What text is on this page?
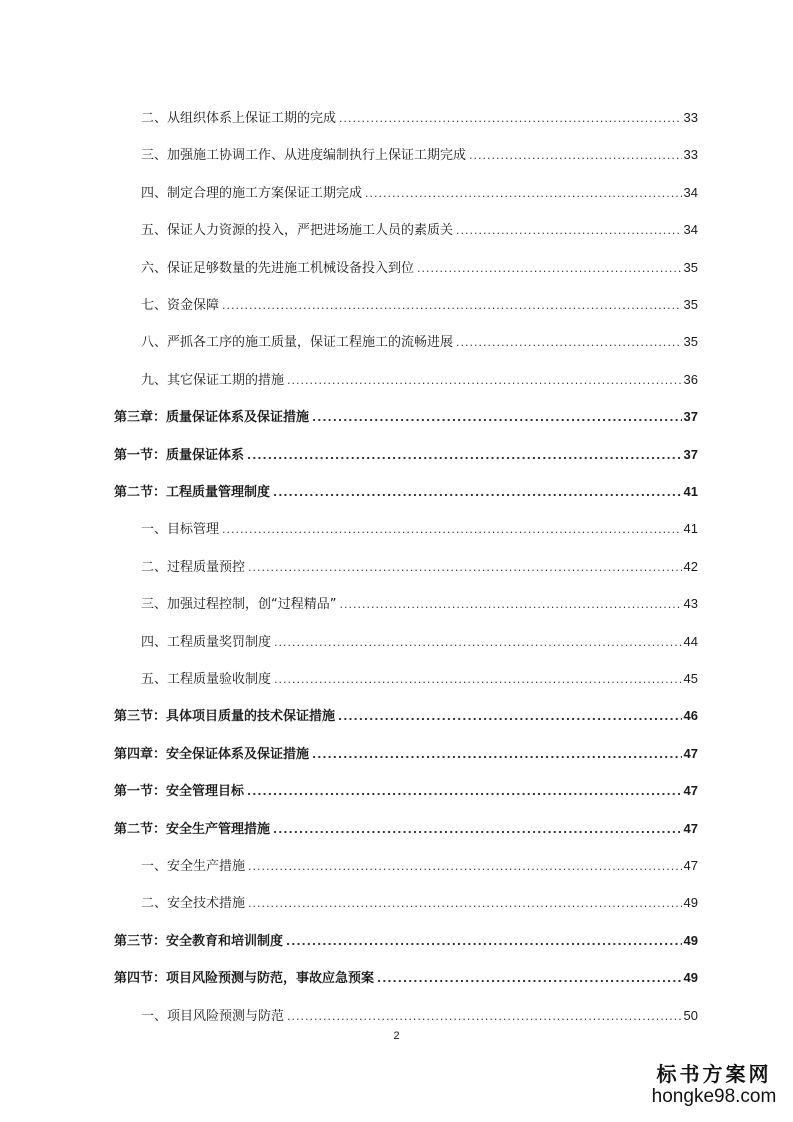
二、从组织体系上保证工期的完成 .....	33
三、加强施工协调工作、从进度编制执行上保证工期完成 .....	33
四、制定合理的施工方案保证工期完成 .....	34
五、保证人力资源的投入，严把进场施工人员的素质关 .....	34
六、保证足够数量的先进施工机械设备投入到位 .....	35
七、资金保障 .....	35
八、严抓各工序的施工质量，保证工程施工的流畅进展 .....	35
九、其它保证工期的措施 .....	36
第三章：质量保证体系及保证措施 .....	37
第一节：质量保证体系 .....	37
第二节：工程质量管理制度 .....	41
一、目标管理 .....	41
二、过程质量预控 .....	42
三、加强过程控制，创“过程精品” .....	43
四、工程质量奖罚制度 .....	44
五、工程质量验收制度 .....	45
第三节：具体项目质量的技术保证措施 .....	46
第四章：安全保证体系及保证措施 .....	47
第一节：安全管理目标 .....	47
第二节：安全生产管理措施 .....	47
一、安全生产措施 .....	47
二、安全技术措施 .....	49
第三节：安全教育和培训制度 .....	49
第四节：项目风险预测与防范，事故应急预案 .....	49
一、项目风险预测与防范 .....	50
2
标书方案网
hongke98.com
